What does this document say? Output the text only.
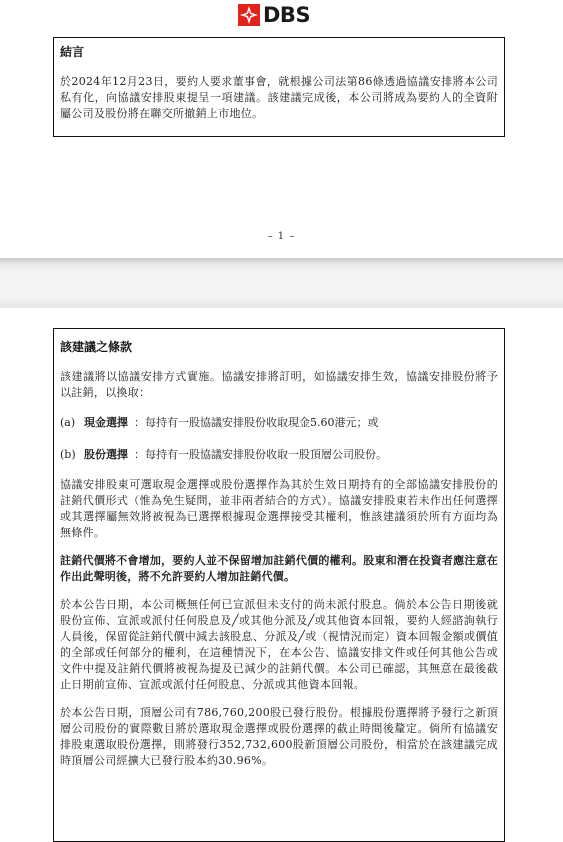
DBS
結言

於2024年12月23日，要約人要求董事會，就根據公司法第86條透過協議安排將本公司私有化，向協議安排股東提呈一項建議。該建議完成後，本公司將成為要約人的全資附屬公司及股份將在聯交所撤銷上市地位。

– 1 –
該建議之條款

該建議將以協議安排方式實施。協議安排將訂明，如協議安排生效，協議安排股份將予以註銷，以換取：

(a) 現金選擇 ：每持有一股協議安排股份收取現金5.60港元；或

(b) 股份選擇 ：每持有一股協議安排股份收取一股頂層公司股份。

協議安排股東可選取現金選擇或股份選擇作為其於生效日期持有的全部協議安排股份的註銷代價形式（惟為免生疑問，並非兩者結合的方式）。協議安排股東若未作出任何選擇或其選擇屬無效將被視為已選擇根據現金選擇接受其權利，惟該建議須於所有方面均為無條件。

註銷代價將不會增加，要約人並不保留增加註銷代價的權利。股東和潛在投資者應注意在作出此聲明後，將不允許要約人增加註銷代價。

於本公告日期，本公司概無任何已宣派但未支付的尚未派付股息。倘於本公告日期後就股份宣佈、宣派或派付任何股息及╱或其他分派及╱或其他資本回報，要約人經諮詢執行人員後，保留從註銷代價中減去該股息、分派及╱或（視情況而定）資本回報金額或價值的全部或任何部分的權利，在這種情況下，在本公告、協議安排文件或任何其他公告或文件中提及註銷代價將被視為提及已減少的註銷代價。本公司已確認，其無意在最後截止日期前宣佈、宣派或派付任何股息、分派或其他資本回報。

於本公告日期，頂層公司有786,760,200股已發行股份。根據股份選擇將予發行之新頂層公司股份的實際數目將於選取現金選擇或股份選擇的截止時間後釐定。倘所有協議安排股東選取股份選擇，則將發行352,732,600股新頂層公司股份，相當於在該建議完成時頂層公司經擴大已發行股本約30.96%。
